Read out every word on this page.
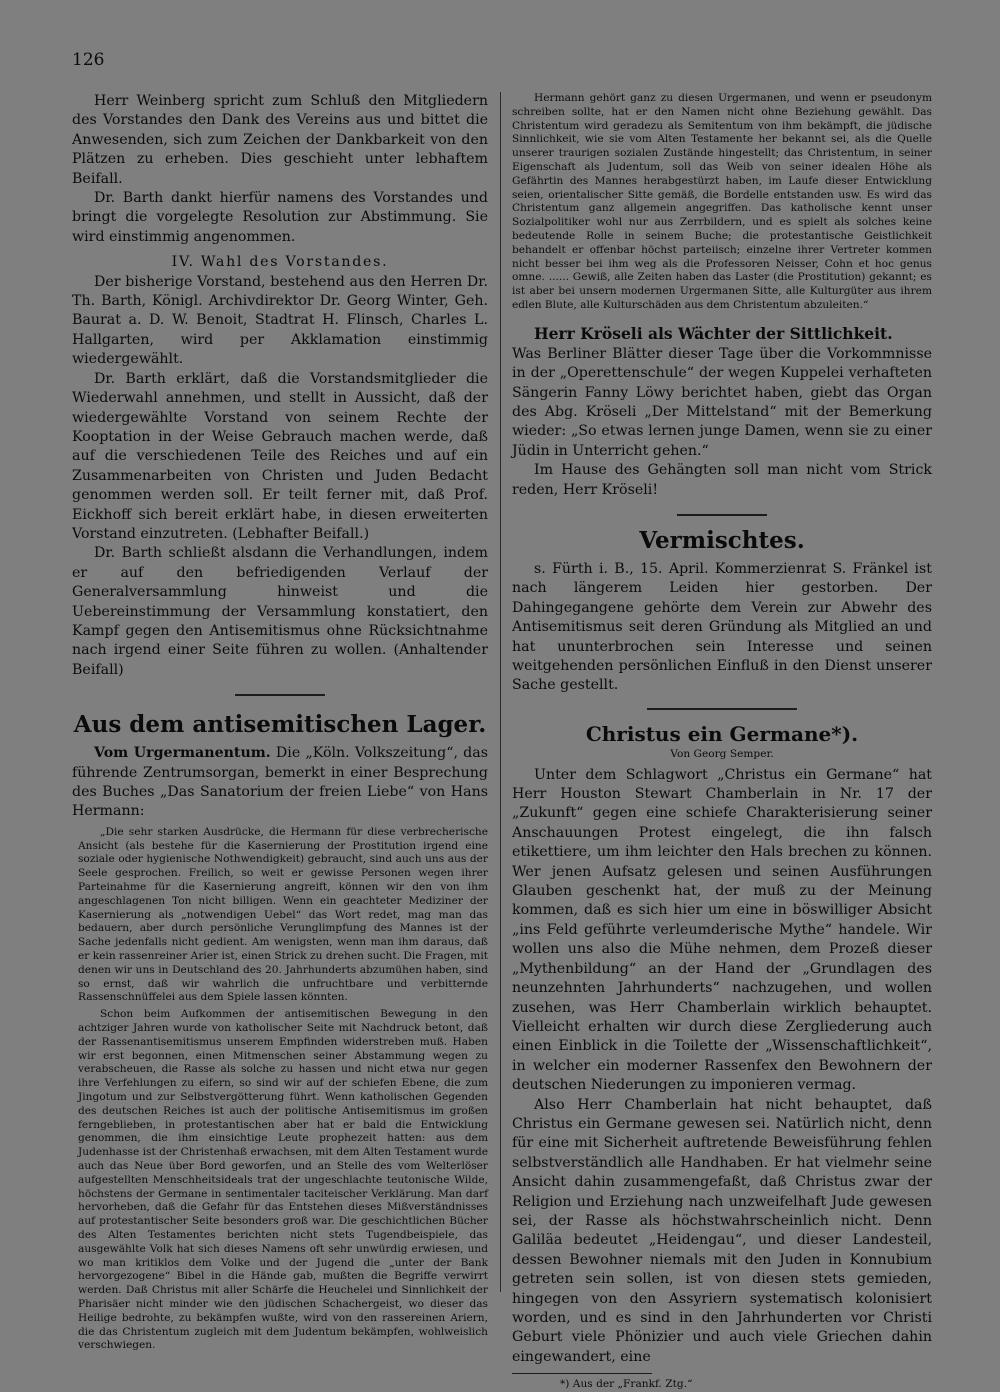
126

Herr Weinberg spricht zum Schluß den Mitgliedern des Vorstandes den Dank des Vereins aus und bittet die Anwesenden, sich zum Zeichen der Dankbarkeit von den Plätzen zu erheben. Dies geschieht unter lebhaftem Beifall.

Dr. Barth dankt hierfür namens des Vorstandes und bringt die vorgelegte Resolution zur Abstimmung. Sie wird einstimmig angenommen.

IV. Wahl des Vorstandes.

Der bisherige Vorstand, bestehend aus den Herren Dr. Th. Barth, Königl. Archivdirektor Dr. Georg Winter, Geh. Baurat a. D. W. Benoit, Stadtrat H. Flinsch, Charles L. Hallgarten, wird per Akklamation einstimmig wiedergewählt.

Dr. Barth erklärt, daß die Vorstandsmitglieder die Wiederwahl annehmen, und stellt in Aussicht, daß der wiedergewählte Vorstand von seinem Rechte der Kooptation in der Weise Gebrauch machen werde, daß auf die verschiedenen Teile des Reiches und auf ein Zusammenarbeiten von Christen und Juden Bedacht genommen werden soll. Er teilt ferner mit, daß Prof. Eickhoff sich bereit erklärt habe, in diesen erweiterten Vorstand einzutreten. (Lebhafter Beifall.)

Dr. Barth schließt alsdann die Verhandlungen, indem er auf den befriedigenden Verlauf der Generalversammlung hinweist und die Uebereinstimmung der Versammlung konstatiert, den Kampf gegen den Antisemitismus ohne Rücksichtnahme nach irgend einer Seite führen zu wollen. (Anhaltender Beifall)

Aus dem antisemitischen Lager.

Vom Urgermanentum. Die „Köln. Volkszeitung“, das führende Zentrumsorgan, bemerkt in einer Besprechung des Buches „Das Sanatorium der freien Liebe“ von Hans Hermann:

„Die sehr starken Ausdrücke, die Hermann für diese verbrecherische Ansicht (als bestehe für die Kasernierung der Prostitution irgend eine soziale oder hygienische Nothwendigkeit) gebraucht, sind auch uns aus der Seele gesprochen. Freilich, so weit er gewisse Personen wegen ihrer Parteinahme für die Kasernierung angreift, können wir den von ihm angeschlagenen Ton nicht billigen. Wenn ein geachteter Mediziner der Kasernierung als „notwendigen Uebel“ das Wort redet, mag man das bedauern, aber durch persönliche Verunglimpfung des Mannes ist der Sache jedenfalls nicht gedient. Am wenigsten, wenn man ihm daraus, daß er kein rassenreiner Arier ist, einen Strick zu drehen sucht. Die Fragen, mit denen wir uns in Deutschland des 20. Jahrhunderts abzumühen haben, sind so ernst, daß wir wahrlich die unfruchtbare und verbitternde Rassenschnüffelei aus dem Spiele lassen könnten.

Schon beim Aufkommen der antisemitischen Bewegung in den achtziger Jahren wurde von katholischer Seite mit Nachdruck betont, daß der Rassenantisemitismus unserem Empfinden widerstreben muß. Haben wir erst begonnen, einen Mitmenschen seiner Abstammung wegen zu verabscheuen, die Rasse als solche zu hassen und nicht etwa nur gegen ihre Verfehlungen zu eifern, so sind wir auf der schiefen Ebene, die zum Jingotum und zur Selbstvergötterung führt. Wenn katholischen Gegenden des deutschen Reiches ist auch der politische Antisemitismus im großen ferngeblieben, in protestantischen aber hat er bald die Entwicklung genommen, die ihm einsichtige Leute prophezeit hatten: aus dem Judenhasse ist der Christenhaß erwachsen, mit dem Alten Testament wurde auch das Neue über Bord geworfen, und an Stelle des vom Welterlöser aufgestellten Menschheitsideals trat der ungeschlachte teutonische Wilde, höchstens der Germane in sentimentaler taciteischer Verklärung. Man darf hervorheben, daß die Gefahr für das Entstehen dieses Mißverständnisses auf protestantischer Seite besonders groß war. Die geschichtlichen Bücher des Alten Testamentes berichten nicht stets Tugendbeispiele, das ausgewählte Volk hat sich dieses Namens oft sehr unwürdig erwiesen, und wo man kritiklos dem Volke und der Jugend die „unter der Bank hervorgezogene“ Bibel in die Hände gab, mußten die Begriffe verwirrt werden. Daß Christus mit aller Schärfe die Heuchelei und Sinnlichkeit der Pharisäer nicht minder wie den jüdischen Schachergeist, wo dieser das Heilige bedrohte, zu bekämpfen wußte, wird von den rassereinen Ariern, die das Christentum zugleich mit dem Judentum bekämpfen, wohlweislich verschwiegen.

Hermann gehört ganz zu diesen Urgermanen, und wenn er pseudonym schreiben sollte, hat er den Namen nicht ohne Beziehung gewählt. Das Christentum wird geradezu als Semitentum von ihm bekämpft, die jüdische Sinnlichkeit, wie sie vom Alten Testamente her bekannt sei, als die Quelle unserer traurigen sozialen Zustände hingestellt; das Christentum, in seiner Eigenschaft als Judentum, soll das Weib von seiner idealen Höhe als Gefährtin des Mannes herabgestürzt haben, im Laufe dieser Entwicklung seien, orientalischer Sitte gemäß, die Bordelle entstanden usw. Es wird das Christentum ganz allgemein angegriffen. Das katholische kennt unser Sozialpolitiker wohl nur aus Zerrbildern, und es spielt als solches keine bedeutende Rolle in seinem Buche; die protestantische Geistlichkeit behandelt er offenbar höchst parteiisch; einzelne ihrer Vertreter kommen nicht besser bei ihm weg als die Professoren Neisser, Cohn et hoc genus omne. ...... Gewiß, alle Zeiten haben das Laster (die Prostitution) gekannt; es ist aber bei unsern modernen Urgermanen Sitte, alle Kulturgüter aus ihrem edlen Blute, alle Kulturschäden aus dem Christentum abzuleiten.“

Herr Kröseli als Wächter der Sittlichkeit.

Was Berliner Blätter dieser Tage über die Vorkommnisse in der „Operettenschule“ der wegen Kuppelei verhafteten Sängerin Fanny Löwy berichtet haben, giebt das Organ des Abg. Kröseli „Der Mittelstand“ mit der Bemerkung wieder: „So etwas lernen junge Damen, wenn sie zu einer Jüdin in Unterricht gehen.“

Im Hause des Gehängten soll man nicht vom Strick reden, Herr Kröseli!

Vermischtes.

s. Fürth i. B., 15. April. Kommerzienrat S. Fränkel ist nach längerem Leiden hier gestorben. Der Dahingegangene gehörte dem Verein zur Abwehr des Antisemitismus seit deren Gründung als Mitglied an und hat ununterbrochen sein Interesse und seinen weitgehenden persönlichen Einfluß in den Dienst unserer Sache gestellt.

Christus ein Germane*).

Von Georg Semper.

Unter dem Schlagwort „Christus ein Germane“ hat Herr Houston Stewart Chamberlain in Nr. 17 der „Zukunft“ gegen eine schiefe Charakterisierung seiner Anschauungen Protest eingelegt, die ihn falsch etikettiere, um ihm leichter den Hals brechen zu können. Wer jenen Aufsatz gelesen und seinen Ausführungen Glauben geschenkt hat, der muß zu der Meinung kommen, daß es sich hier um eine in böswilliger Absicht „ins Feld geführte verleumderische Mythe“ handele. Wir wollen uns also die Mühe nehmen, dem Prozeß dieser „Mythenbildung“ an der Hand der „Grundlagen des neunzehnten Jahrhunderts“ nachzugehen, und wollen zusehen, was Herr Chamberlain wirklich behauptet. Vielleicht erhalten wir durch diese Zergliederung auch einen Einblick in die Toilette der „Wissenschaftlichkeit“, in welcher ein moderner Rassenfex den Bewohnern der deutschen Niederungen zu imponieren vermag.

Also Herr Chamberlain hat nicht behauptet, daß Christus ein Germane gewesen sei. Natürlich nicht, denn für eine mit Sicherheit auftretende Beweisführung fehlen selbstverständlich alle Handhaben. Er hat vielmehr seine Ansicht dahin zusammengefaßt, daß Christus zwar der Religion und Erziehung nach unzweifelhaft Jude gewesen sei, der Rasse als höchstwahrscheinlich nicht. Denn Galiläa bedeutet „Heidengau“, und dieser Landesteil, dessen Bewohner niemals mit den Juden in Konnubium getreten sein sollen, ist von diesen stets gemieden, hingegen von den Assyriern systematisch kolonisiert worden, und es sind in den Jahrhunderten vor Christi Geburt viele Phönizier und auch viele Griechen dahin eingewandert, eine

*) Aus der „Frankf. Ztg.“
